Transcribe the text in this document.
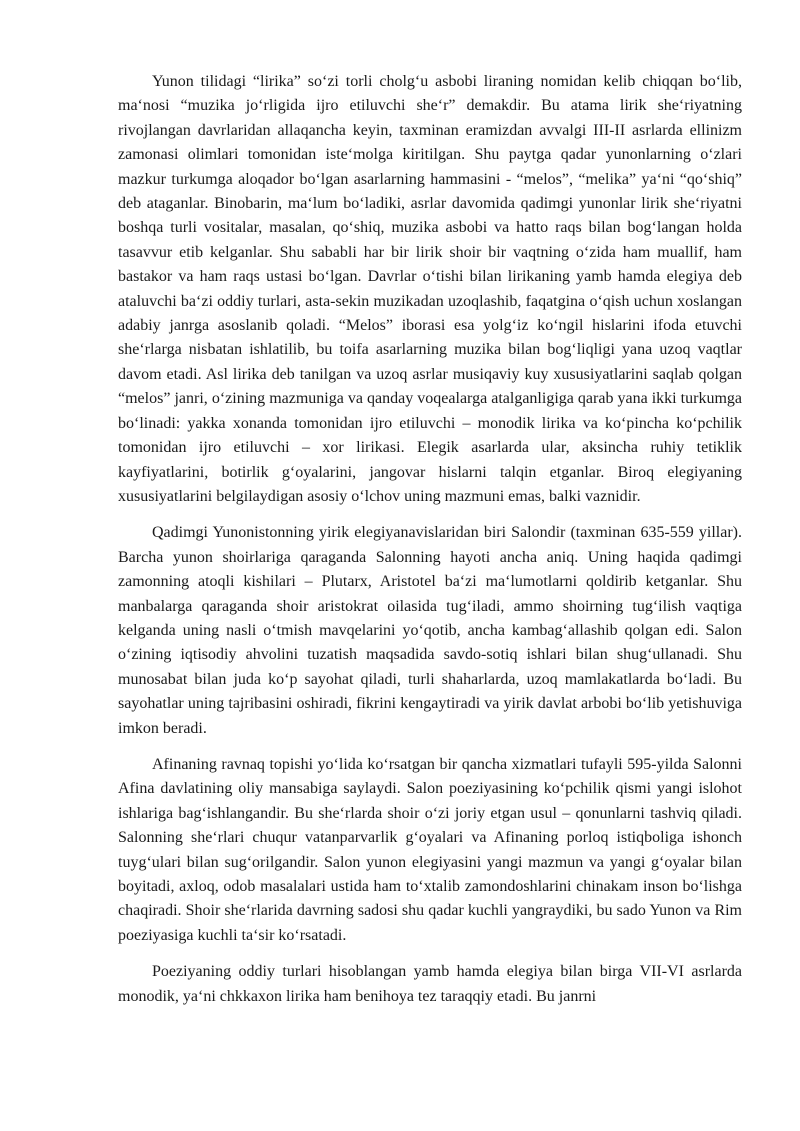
Yunon tilidagi “lirika” so‘zi torli cholg‘u asbobi liraning nomidan kelib chiqqan bo‘lib, ma‘nosi “muzika jo‘rligida ijro etiluvchi she‘r” demakdir. Bu atama lirik she‘riyatning rivojlangan davrlaridan allaqancha keyin, taxminan eramizdan avvalgi III-II asrlarda ellinizm zamonasi olimlari tomonidan iste‘molga kiritilgan. Shu paytga qadar yunonlarning o‘zlari mazkur turkumga aloqador bo‘lgan asarlarning hammasini - “melos”, “melika” ya‘ni “qo‘shiq” deb ataganlar. Binobarin, ma‘lum bo‘ladiki, asrlar davomida qadimgi yunonlar lirik she‘riyatni boshqa turli vositalar, masalan, qo‘shiq, muzika asbobi va hatto raqs bilan bog‘langan holda tasavvur etib kelganlar. Shu sababli har bir lirik shoir bir vaqtning o‘zida ham muallif, ham bastakor va ham raqs ustasi bo‘lgan. Davrlar o‘tishi bilan lirikaning yamb hamda elegiya deb ataluvchi ba‘zi oddiy turlari, asta-sekin muzikadan uzoqlashib, faqatgina o‘qish uchun xoslangan adabiy janrga asoslanib qoladi. “Melos” iborasi esa yolg‘iz ko‘ngil hislarini ifoda etuvchi she‘rlarga nisbatan ishlatilib, bu toifa asarlarning muzika bilan bog‘liqligi yana uzoq vaqtlar davom etadi. Asl lirika deb tanilgan va uzoq asrlar musiqaviy kuy xususiyatlarini saqlab qolgan “melos” janri, o‘zining mazmuniga va qanday voqealarga atalganligiga qarab yana ikki turkumga bo‘linadi: yakka xonanda tomonidan ijro etiluvchi – monodik lirika va ko‘pincha ko‘pchilik tomonidan ijro etiluvchi – xor lirikasi. Elegik asarlarda ular, aksincha ruhiy tetiklik kayfiyatlarini, botirlik g‘oyalarini, jangovar hislarni talqin etganlar. Biroq elegiyaning xususiyatlarini belgilaydigan asosiy o‘lchov uning mazmuni emas, balki vaznidir.

Qadimgi Yunonistonning yirik elegiyanavislaridan biri Salondir (taxminan 635-559 yillar). Barcha yunon shoirlariga qaraganda Salonning hayoti ancha aniq. Uning haqida qadimgi zamonning atoqli kishilari – Plutarx, Aristotel ba‘zi ma‘lumotlarni qoldirib ketganlar. Shu manbalarga qaraganda shoir aristokrat oilasida tug‘iladi, ammo shoirning tug‘ilish vaqtiga kelganda uning nasli o‘tmish mavqelarini yo‘qotib, ancha kambag‘allashib qolgan edi. Salon o‘zining iqtisodiy ahvolini tuzatish maqsadida savdo-sotiq ishlari bilan shug‘ullanadi. Shu munosabat bilan juda ko‘p sayohat qiladi, turli shaharlarda, uzoq mamlakatlarda bo‘ladi. Bu sayohatlar uning tajribasini oshiradi, fikrini kengaytiradi va yirik davlat arbobi bo‘lib yetishuviga imkon beradi.

Afinaning ravnaq topishi yo‘lida ko‘rsatgan bir qancha xizmatlari tufayli 595-yilda Salonni Afina davlatining oliy mansabiga saylaydi. Salon poeziyasining ko‘pchilik qismi yangi islohot ishlariga bag‘ishlangandir. Bu she‘rlarda shoir o‘zi joriy etgan usul – qonunlarni tashviq qiladi. Salonning she‘rlari chuqur vatanparvarlik g‘oyalari va Afinaning porloq istiqboliga ishonch tuyg‘ulari bilan sug‘orilgandir. Salon yunon elegiyasini yangi mazmun va yangi g‘oyalar bilan boyitadi, axloq, odob masalalari ustida ham to‘xtalib zamondoshlarini chinakam inson bo‘lishga chaqiradi. Shoir she‘rlarida davrning sadosi shu qadar kuchli yangraydiki, bu sado Yunon va Rim poeziyasiga kuchli ta‘sir ko‘rsatadi.

Poeziyaning oddiy turlari hisoblangan yamb hamda elegiya bilan birga VII-VI asrlarda monodik, ya‘ni chkkaxon lirika ham benihoya tez taraqqiy etadi. Bu janrni
